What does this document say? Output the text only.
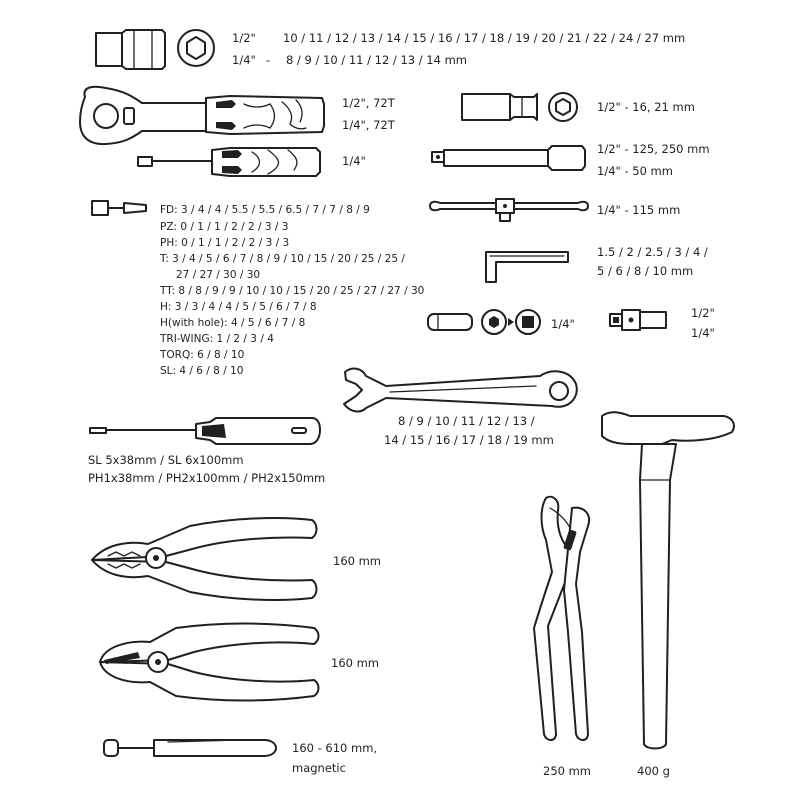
1/2" 10 / 11 / 12 / 13 / 14 / 15 / 16 / 17 / 18 / 19 / 20 / 21 / 22 / 24 / 27 mm
1/4" - 8 / 9 / 10 / 11 / 12 / 13 / 14 mm
1/2", 72T
1/4", 72T
1/4"
1/2" - 16, 21 mm
1/2" - 125, 250 mm
1/4" - 50 mm
1/4" - 115 mm
1.5 / 2 / 2.5 / 3 / 4 /
5 / 6 / 8 / 10 mm
FD: 3 / 4 / 4 / 5.5 / 5.5 / 6.5 / 7 / 7 / 8 / 9
PZ: 0 / 1 / 1 / 2 / 2 / 3 / 3
PH: 0 / 1 / 1 / 2 / 2 / 3 / 3
T: 3 / 4 / 5 / 6 / 7 / 8 / 9 / 10 / 15 / 20 / 25 / 25 /
27 / 27 / 30 / 30
TT: 8 / 8 / 9 / 9 / 10 / 10 / 15 / 20 / 25 / 27 / 27 / 30
H: 3 / 3 / 4 / 4 / 5 / 5 / 6 / 7 / 8
H(with hole): 4 / 5 / 6 / 7 / 8
TRI-WING: 1 / 2 / 3 / 4
TORQ: 6 / 8 / 10
SL: 4 / 6 / 8 / 10
1/4"
1/2"
1/4"
8 / 9 / 10 / 11 / 12 / 13 /
14 / 15 / 16 / 17 / 18 / 19 mm
SL 5x38mm / SL 6x100mm
PH1x38mm / PH2x100mm / PH2x150mm
160 mm
160 mm
160 - 610 mm,
magnetic	250 mm	400 g
